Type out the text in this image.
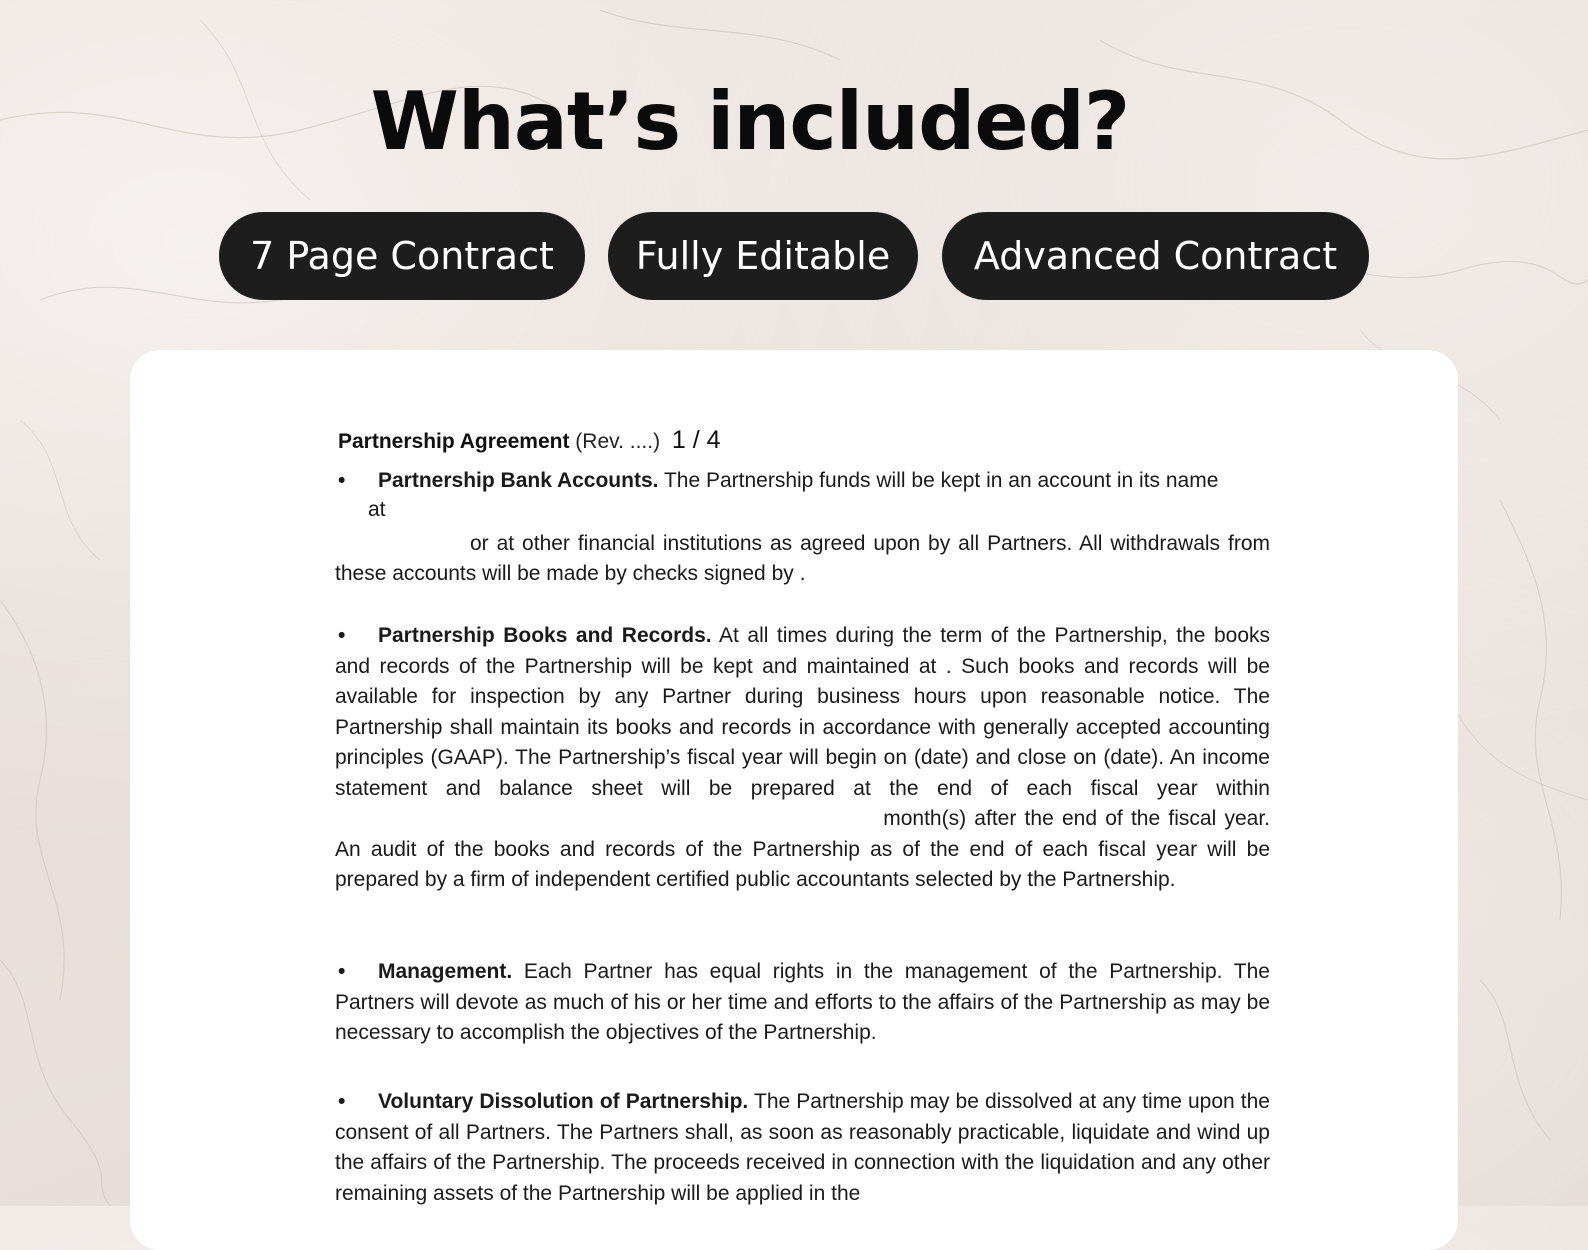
What’s included?
7 Page Contract	Fully Editable	Advanced Contract
Partnership Agreement (Rev. ....) 1 / 4

• Partnership Bank Accounts. The Partnership funds will be kept in an account in its name
at
or at other financial institutions as agreed upon by all Partners. All withdrawals from these accounts will be made by checks signed by .

• Partnership Books and Records. At all times during the term of the Partnership, the books and records of the Partnership will be kept and maintained at . Such books and records will be available for inspection by any Partner during business hours upon reasonable notice. The Partnership shall maintain its books and records in accordance with generally accepted accounting principles (GAAP). The Partnership’s fiscal year will begin on (date) and close on (date). An income statement and balance sheet will be prepared at the end of each fiscal year within month(s) after the end of the fiscal year. An audit of the books and records of the Partnership as of the end of each fiscal year will be prepared by a firm of independent certified public accountants selected by the Partnership.

• Management. Each Partner has equal rights in the management of the Partnership. The Partners will devote as much of his or her time and efforts to the affairs of the Partnership as may be necessary to accomplish the objectives of the Partnership.

• Voluntary Dissolution of Partnership. The Partnership may be dissolved at any time upon the consent of all Partners. The Partners shall, as soon as reasonably practicable, liquidate and wind up the affairs of the Partnership. The proceeds received in connection with the liquidation and any other remaining assets of the Partnership will be applied in the
